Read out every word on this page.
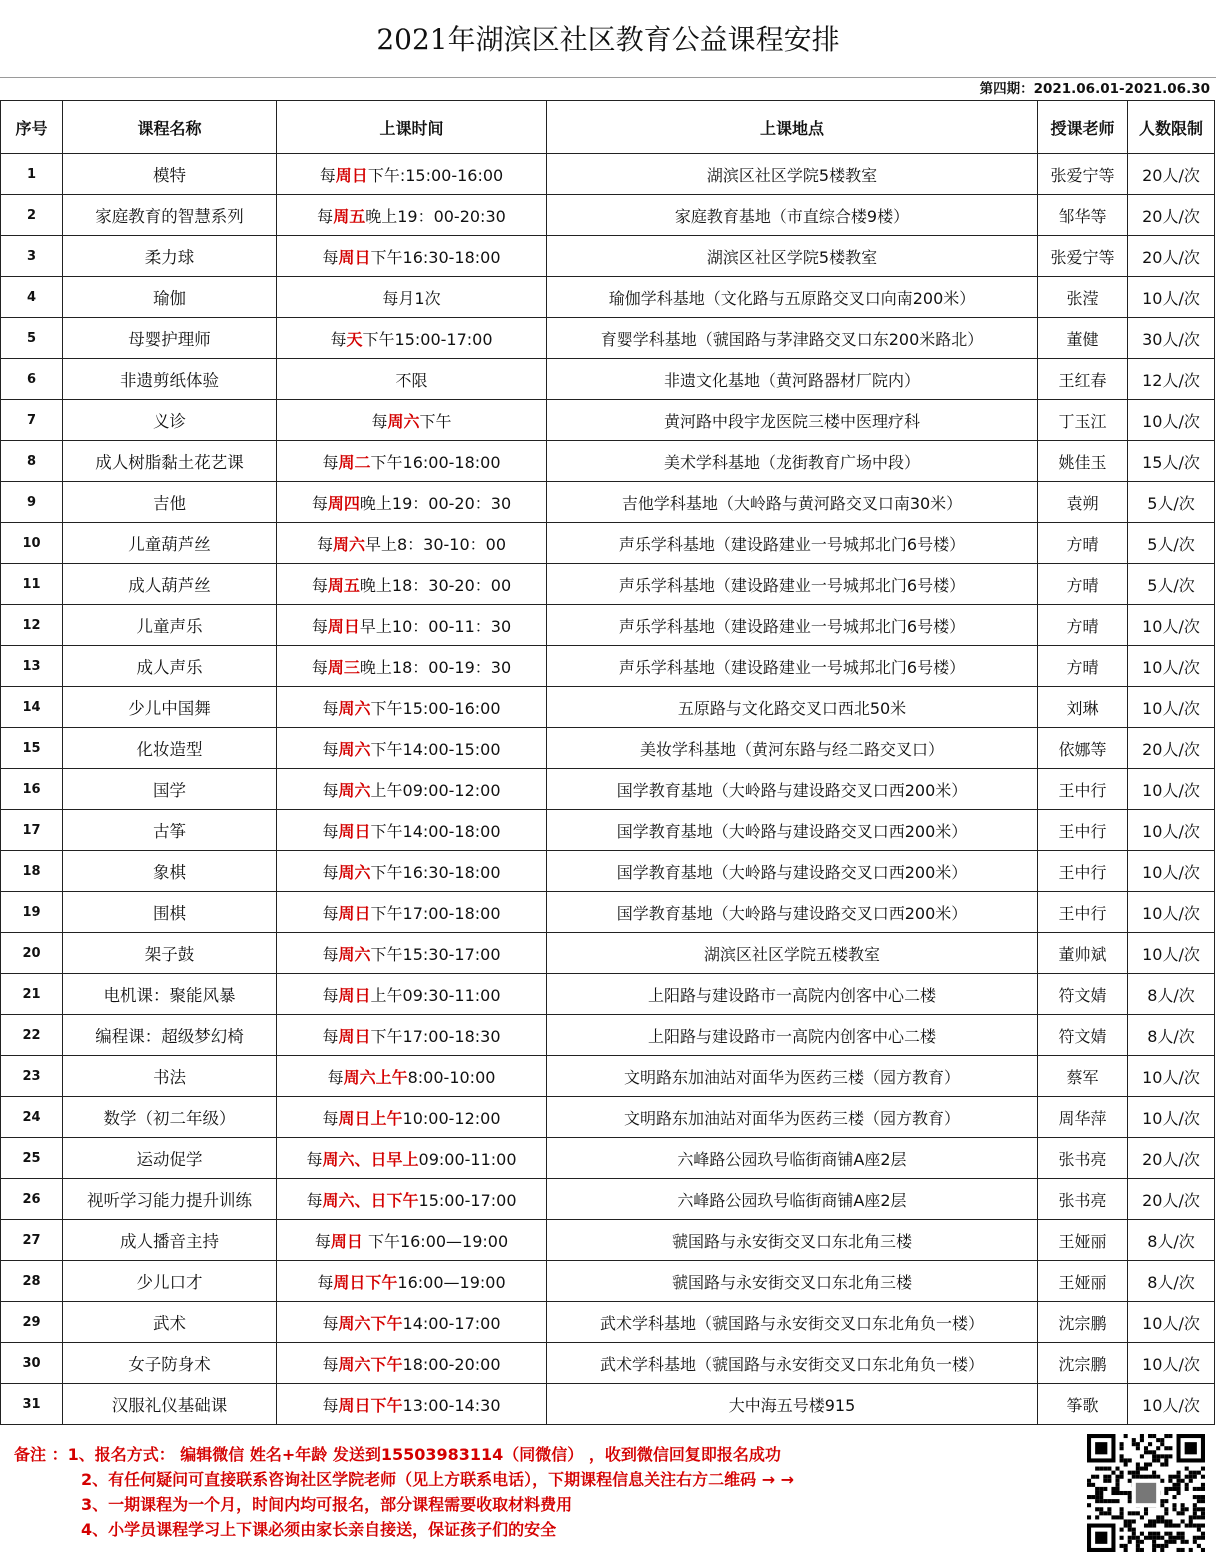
2021年湖滨区社区教育公益课程安排
第四期：2021.06.01-2021.06.30
序号	课程名称	上课时间	上课地点	授课老师	人数限制
1	模特	每周日下午:15:00-16:00	湖滨区社区学院5楼教室	张爱宁等	20人/次
2	家庭教育的智慧系列	每周五晚上19：00-20:30	家庭教育基地（市直综合楼9楼）	邹华等	20人/次
3	柔力球	每周日下午16:30-18:00	湖滨区社区学院5楼教室	张爱宁等	20人/次
4	瑜伽	每月1次	瑜伽学科基地（文化路与五原路交叉口向南200米）	张滢	10人/次
5	母婴护理师	每天下午15:00-17:00	育婴学科基地（虢国路与茅津路交叉口东200米路北）	董健	30人/次
6	非遗剪纸体验	不限	非遗文化基地（黄河路器材厂院内）	王红春	12人/次
7	义诊	每周六下午	黄河路中段宇龙医院三楼中医理疗科	丁玉江	10人/次
8	成人树脂黏土花艺课	每周二下午16:00-18:00	美术学科基地（龙街教育广场中段）	姚佳玉	15人/次
9	吉他	每周四晚上19：00-20：30	吉他学科基地（大岭路与黄河路交叉口南30米）	袁朔	5人/次
10	儿童葫芦丝	每周六早上8：30-10：00	声乐学科基地（建设路建业一号城邦北门6号楼）	方晴	5人/次
11	成人葫芦丝	每周五晚上18：30-20：00	声乐学科基地（建设路建业一号城邦北门6号楼）	方晴	5人/次
12	儿童声乐	每周日早上10：00-11：30	声乐学科基地（建设路建业一号城邦北门6号楼）	方晴	10人/次
13	成人声乐	每周三晚上18：00-19：30	声乐学科基地（建设路建业一号城邦北门6号楼）	方晴	10人/次
14	少儿中国舞	每周六下午15:00-16:00	五原路与文化路交叉口西北50米	刘琳	10人/次
15	化妆造型	每周六下午14:00-15:00	美妆学科基地（黄河东路与经二路交叉口）	依娜等	20人/次
16	国学	每周六上午09:00-12:00	国学教育基地（大岭路与建设路交叉口西200米）	王中行	10人/次
17	古筝	每周日下午14:00-18:00	国学教育基地（大岭路与建设路交叉口西200米）	王中行	10人/次
18	象棋	每周六下午16:30-18:00	国学教育基地（大岭路与建设路交叉口西200米）	王中行	10人/次
19	围棋	每周日下午17:00-18:00	国学教育基地（大岭路与建设路交叉口西200米）	王中行	10人/次
20	架子鼓	每周六下午15:30-17:00	湖滨区社区学院五楼教室	董帅斌	10人/次
21	电机课：聚能风暴	每周日上午09:30-11:00	上阳路与建设路市一高院内创客中心二楼	符文婧	8人/次
22	编程课：超级梦幻椅	每周日下午17:00-18:30	上阳路与建设路市一高院内创客中心二楼	符文婧	8人/次
23	书法	每周六上午8:00-10:00	文明路东加油站对面华为医药三楼（园方教育）	蔡军	10人/次
24	数学（初二年级）	每周日上午10:00-12:00	文明路东加油站对面华为医药三楼（园方教育）	周华萍	10人/次
25	运动促学	每周六、日早上09:00-11:00	六峰路公园玖号临街商铺A座2层	张书亮	20人/次
26	视听学习能力提升训练	每周六、日下午15:00-17:00	六峰路公园玖号临街商铺A座2层	张书亮	20人/次
27	成人播音主持	每周日 下午16:00—19:00	虢国路与永安街交叉口东北角三楼	王娅丽	8人/次
28	少儿口才	每周日下午16:00—19:00	虢国路与永安街交叉口东北角三楼	王娅丽	8人/次
29	武术	每周六下午14:00-17:00	武术学科基地（虢国路与永安街交叉口东北角负一楼）	沈宗鹏	10人/次
30	女子防身术	每周六下午18:00-20:00	武术学科基地（虢国路与永安街交叉口东北角负一楼）	沈宗鹏	10人/次
31	汉服礼仪基础课	每周日下午13:00-14:30	大中海五号楼915	筝歌	10人/次
备注 ：1、报名方式： 编辑微信 姓名+年龄 发送到15503983114（同微信） ，收到微信回复即报名成功
2、有任何疑问可直接联系咨询社区学院老师（见上方联系电话），下期课程信息关注右方二维码 → →
3、一期课程为一个月，时间内均可报名，部分课程需要收取材料费用
4、小学员课程学习上下课必须由家长亲自接送，保证孩子们的安全
